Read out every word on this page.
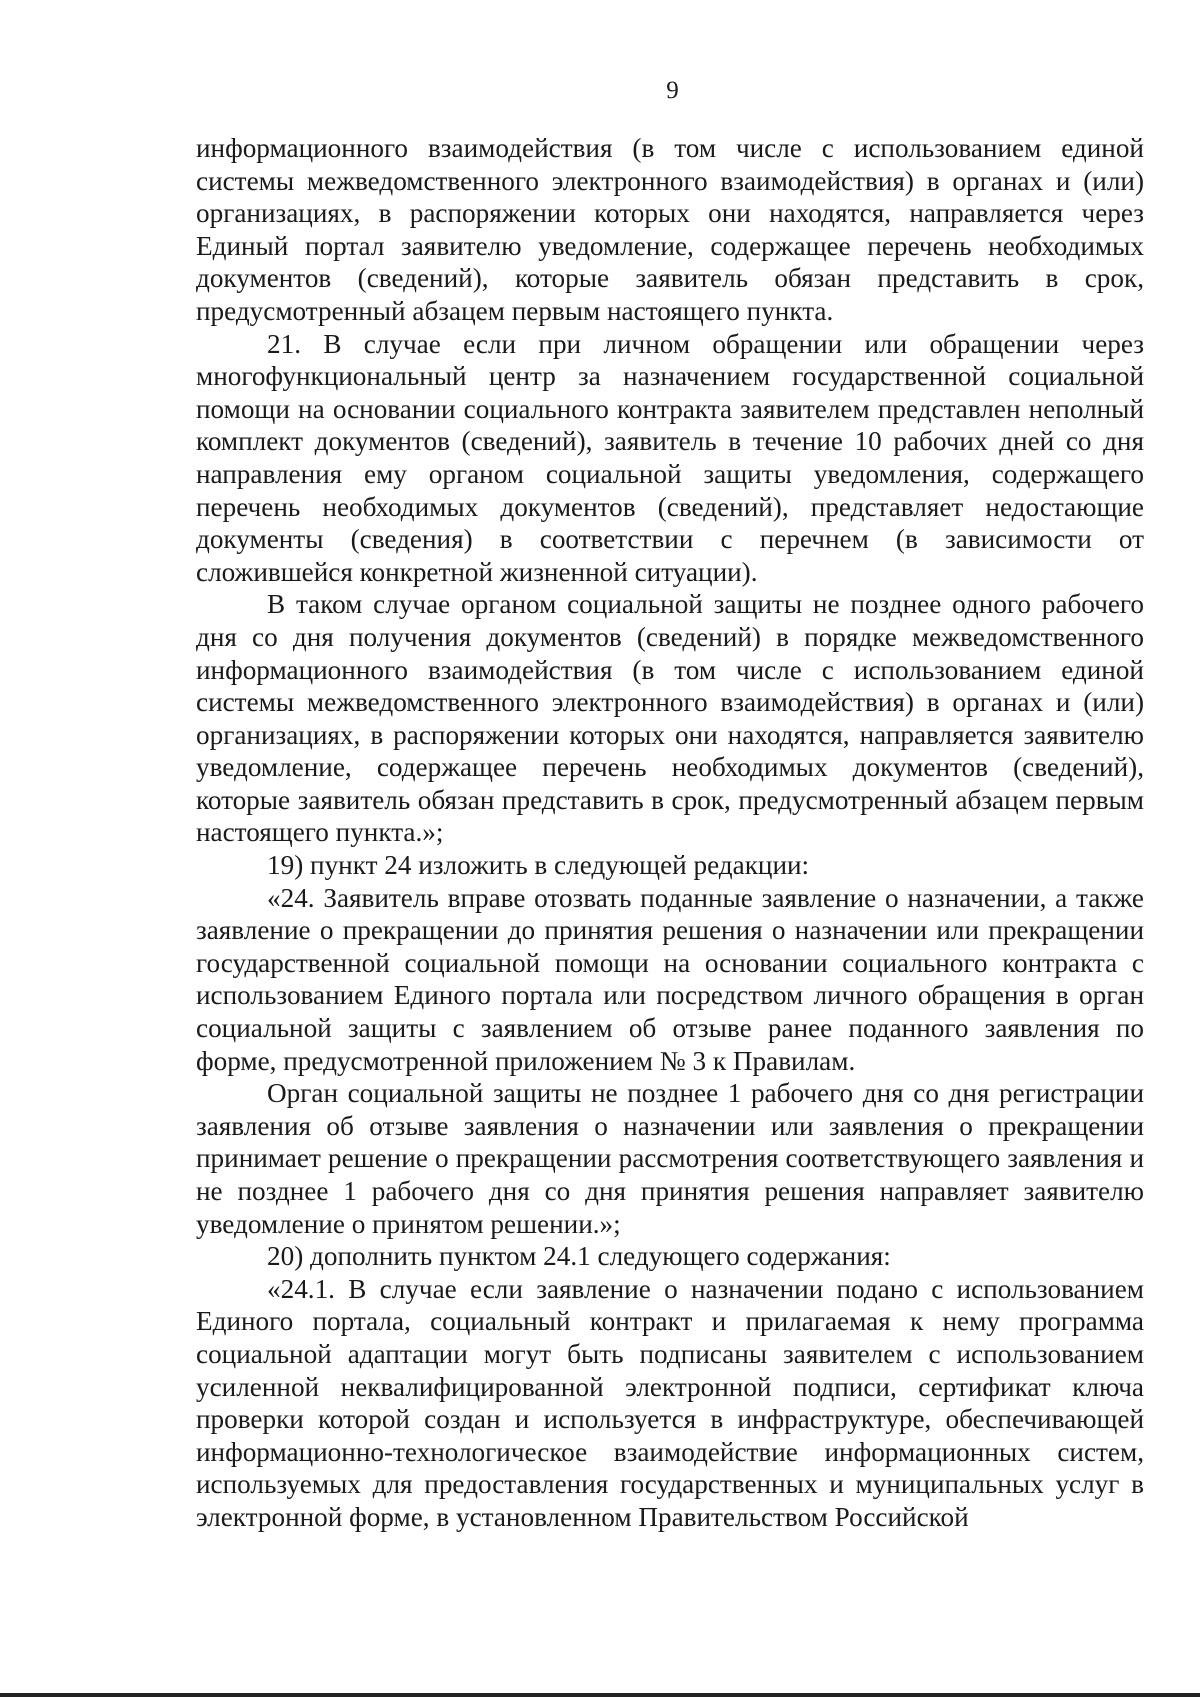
9

информационного взаимодействия (в том числе с использованием единой системы межведомственного электронного взаимодействия) в органах и (или) организациях, в распоряжении которых они находятся, направляется через Единый портал заявителю уведомление, содержащее перечень необходимых документов (сведений), которые заявитель обязан представить в срок, предусмотренный абзацем первым настоящего пункта.

21. В случае если при личном обращении или обращении через многофункциональный центр за назначением государственной социальной помощи на основании социального контракта заявителем представлен неполный комплект документов (сведений), заявитель в течение 10 рабочих дней со дня направления ему органом социальной защиты уведомления, содержащего перечень необходимых документов (сведений), представляет недостающие документы (сведения) в соответствии с перечнем (в зависимости от сложившейся конкретной жизненной ситуации).

В таком случае органом социальной защиты не позднее одного рабочего дня со дня получения документов (сведений) в порядке межведомственного информационного взаимодействия (в том числе с использованием единой системы межведомственного электронного взаимодействия) в органах и (или) организациях, в распоряжении которых они находятся, направляется заявителю уведомление, содержащее перечень необходимых документов (сведений), которые заявитель обязан представить в срок, предусмотренный абзацем первым настоящего пункта.»;

19) пункт 24 изложить в следующей редакции:

«24. Заявитель вправе отозвать поданные заявление о назначении, а также заявление о прекращении до принятия решения о назначении или прекращении государственной социальной помощи на основании социального контракта с использованием Единого портала или посредством личного обращения в орган социальной защиты с заявлением об отзыве ранее поданного заявления по форме, предусмотренной приложением № 3 к Правилам.

Орган социальной защиты не позднее 1 рабочего дня со дня регистрации заявления об отзыве заявления о назначении или заявления о прекращении принимает решение о прекращении рассмотрения соответствующего заявления и не позднее 1 рабочего дня со дня принятия решения направляет заявителю уведомление о принятом решении.»;

20) дополнить пунктом 24.1 следующего содержания:

«24.1. В случае если заявление о назначении подано с использованием Единого портала, социальный контракт и прилагаемая к нему программа социальной адаптации могут быть подписаны заявителем с использованием усиленной неквалифицированной электронной подписи, сертификат ключа проверки которой создан и используется в инфраструктуре, обеспечивающей информационно-технологическое взаимодействие информационных систем, используемых для предоставления государственных и муниципальных услуг в электронной форме, в установленном Правительством Российской
